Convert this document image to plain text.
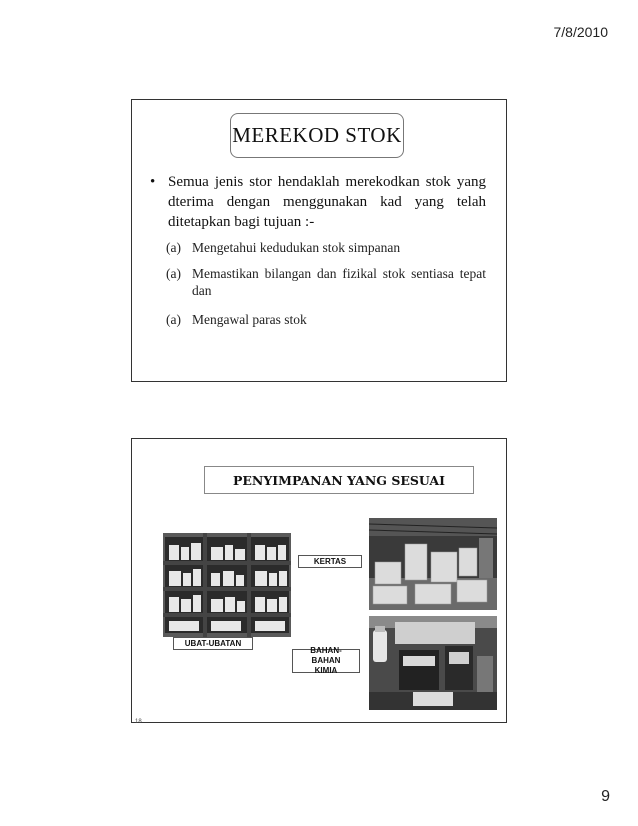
7/8/2010
MEREKOD STOK
• Semua jenis stor hendaklah merekodkan stok yang dterima dengan menggunakan kad yang telah ditetapkan bagi tujuan :-
(a) Mengetahui kedudukan stok simpanan
(a) Memastikan bilangan dan fizikal stok sentiasa tepat dan
(a) Mengawal paras stok
PENYIMPANAN YANG SESUAI
UBAT-UBATAN
KERTAS
BAHAN-BAHAN KIMIA
18
9
